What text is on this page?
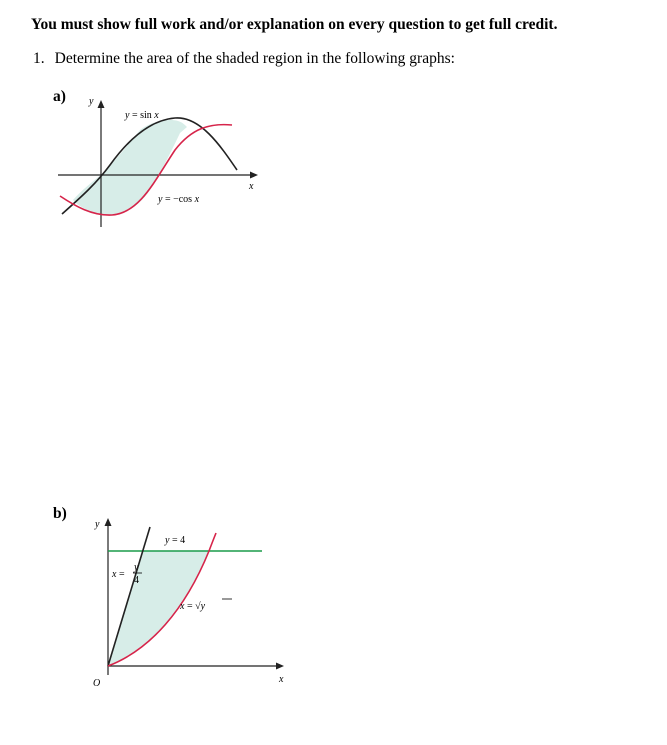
You must show full work and/or explanation on every question to get full credit.
1. Determine the area of the shaded region in the following graphs:
a) y
x
y = sin x
y = −cos x
b)
y
x
O
y = 4
x =
y
4
x = √y
